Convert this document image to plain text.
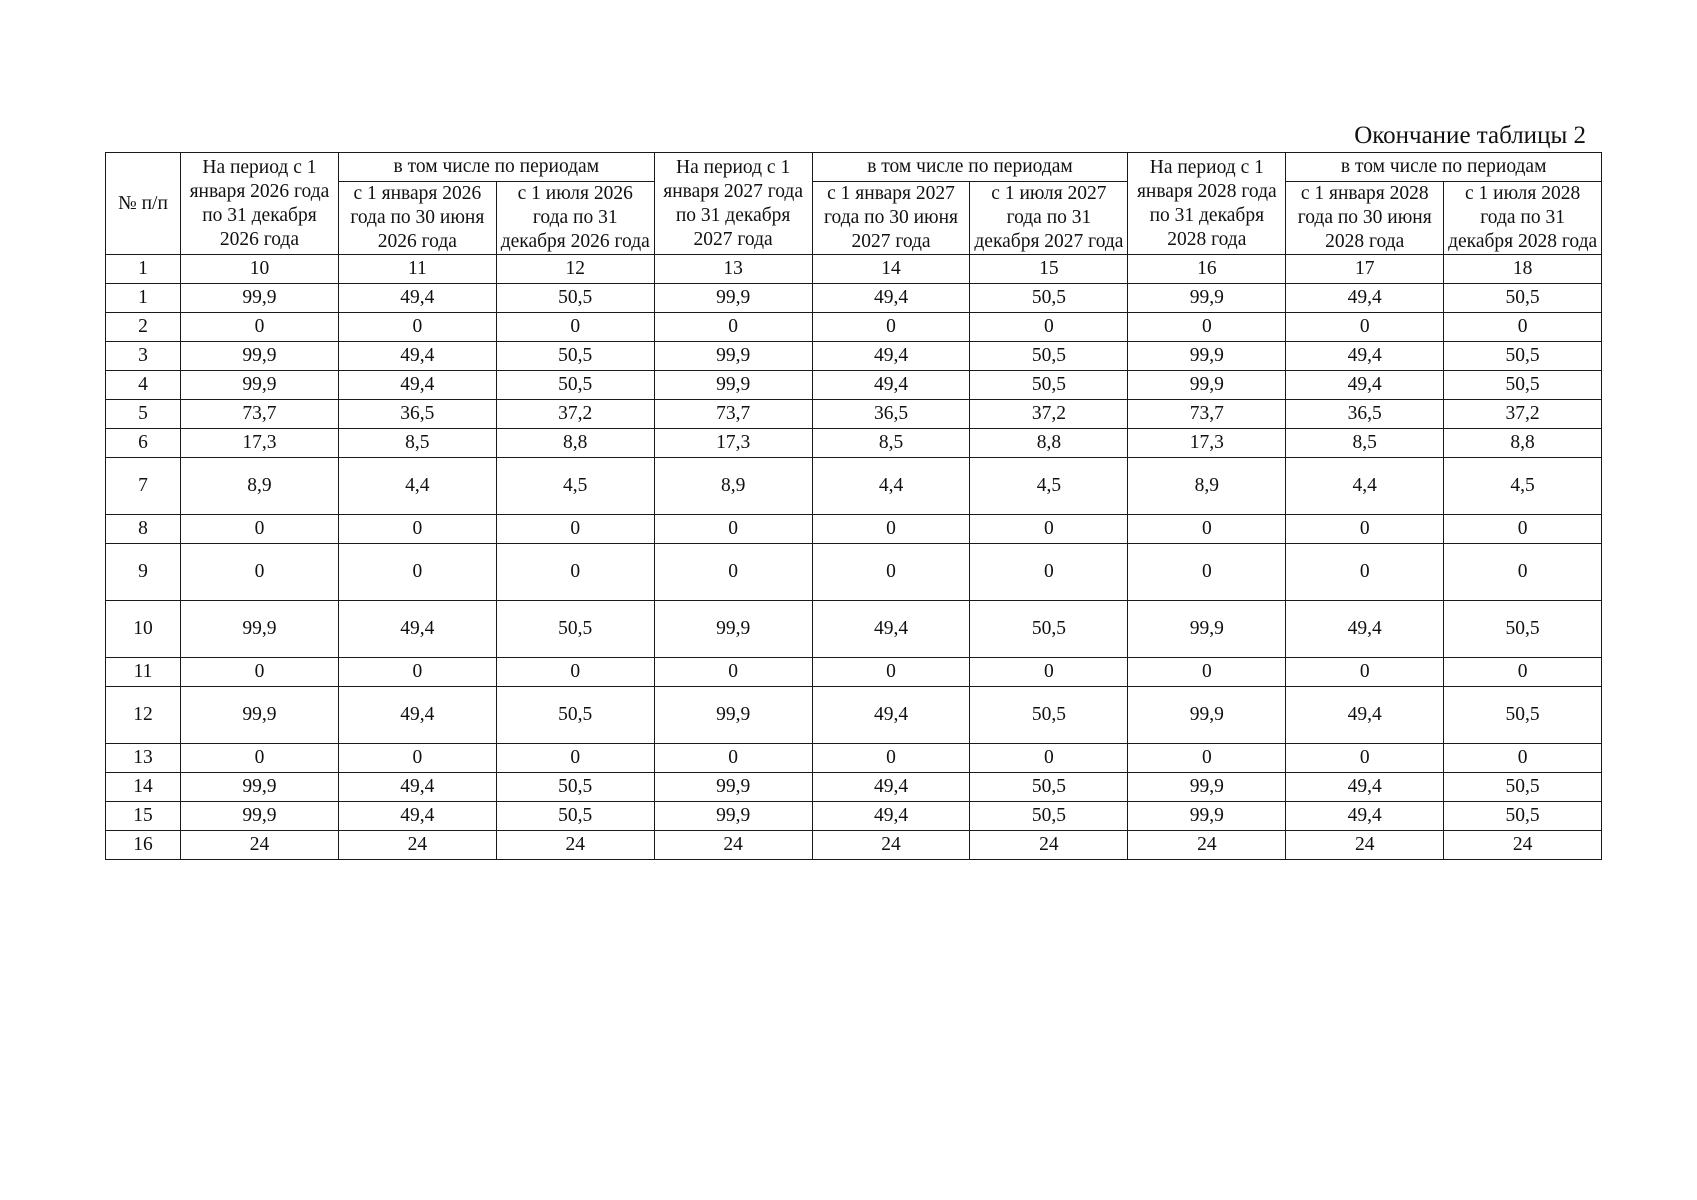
Окончание таблицы 2
№ п/п	На период с 1 января 2026 года по 31 декабря 2026 года	в том числе по периодам		На период с 1 января 2027 года по 31 декабря 2027 года	в том числе по периодам		На период с 1 января 2028 года по 31 декабря 2028 года	в том числе по периодам	
		с 1 января 2026 года по 30 июня 2026 года	с 1 июля 2026 года по 31 декабря 2026 года		с 1 января 2027 года по 30 июня 2027 года	с 1 июля 2027 года по 31 декабря 2027 года		с 1 января 2028 года по 30 июня 2028 года	с 1 июля 2028 года по 31 декабря 2028 года
1	10	11	12	13	14	15	16	17	18
1	99,9	49,4	50,5	99,9	49,4	50,5	99,9	49,4	50,5
2	0	0	0	0	0	0	0	0	0
3	99,9	49,4	50,5	99,9	49,4	50,5	99,9	49,4	50,5
4	99,9	49,4	50,5	99,9	49,4	50,5	99,9	49,4	50,5
5	73,7	36,5	37,2	73,7	36,5	37,2	73,7	36,5	37,2
6	17,3	8,5	8,8	17,3	8,5	8,8	17,3	8,5	8,8
7	8,9	4,4	4,5	8,9	4,4	4,5	8,9	4,4	4,5
8	0	0	0	0	0	0	0	0	0
9	0	0	0	0	0	0	0	0	0
10	99,9	49,4	50,5	99,9	49,4	50,5	99,9	49,4	50,5
11	0	0	0	0	0	0	0	0	0
12	99,9	49,4	50,5	99,9	49,4	50,5	99,9	49,4	50,5
13	0	0	0	0	0	0	0	0	0
14	99,9	49,4	50,5	99,9	49,4	50,5	99,9	49,4	50,5
15	99,9	49,4	50,5	99,9	49,4	50,5	99,9	49,4	50,5
16	24	24	24	24	24	24	24	24	24
